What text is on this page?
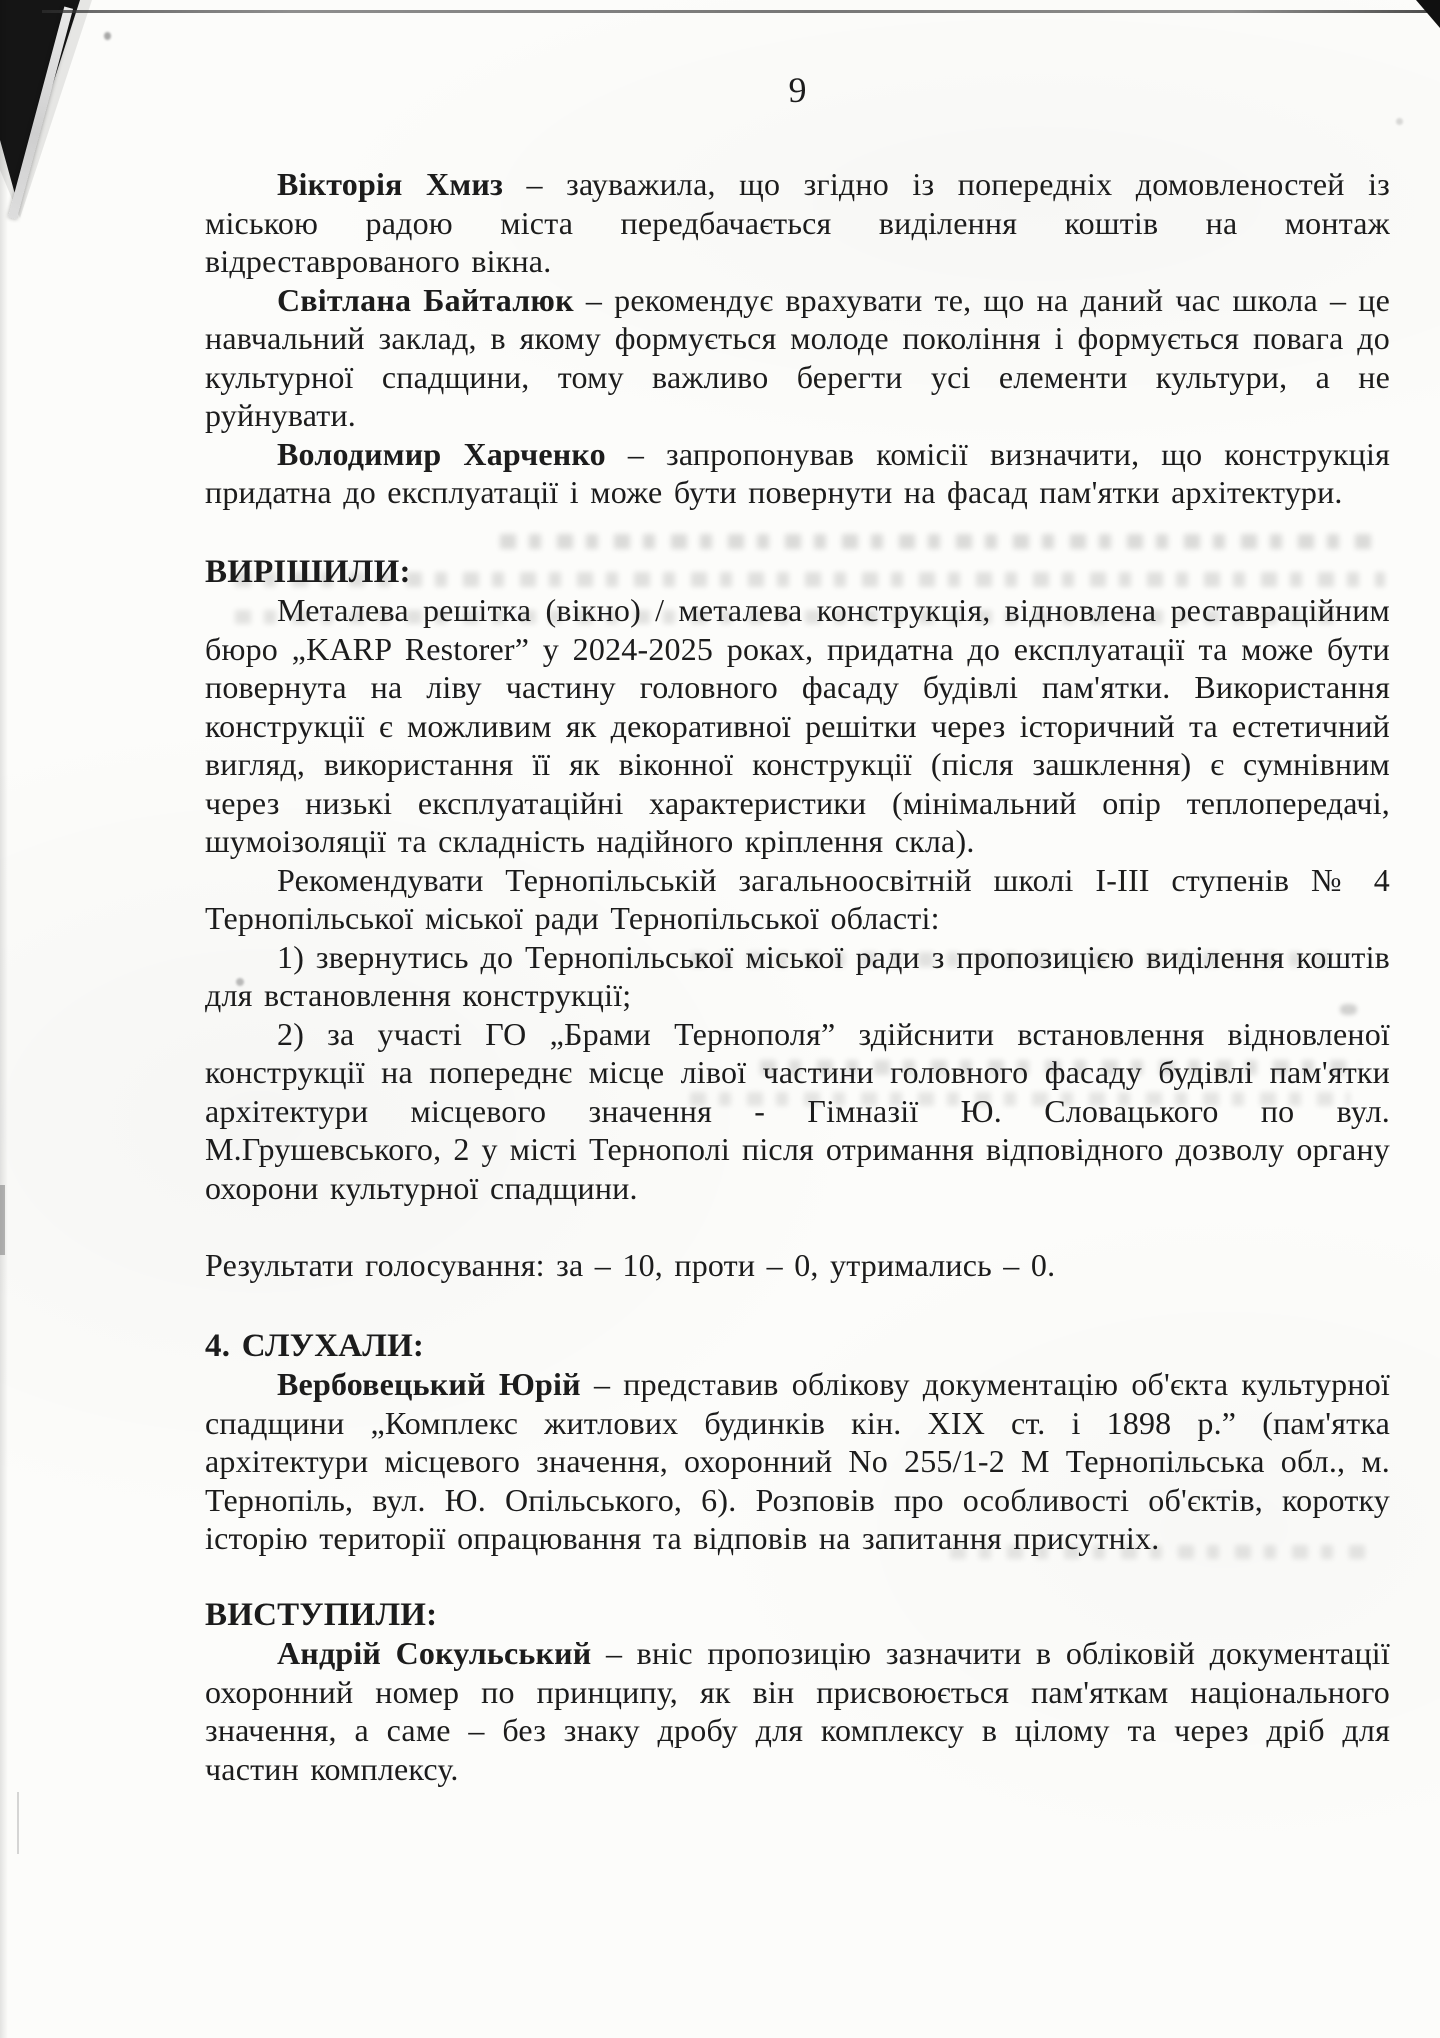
9

Вікторія Хмиз – зауважила, що згідно із попередніх домовленостей із міською радою міста передбачається виділення коштів на монтаж відреставрованого вікна.

Світлана Байталюк – рекомендує врахувати те, що на даний час школа – це навчальний заклад, в якому формується молоде покоління і формується повага до культурної спадщини, тому важливо берегти усі елементи культури, а не руйнувати.

Володимир Харченко – запропонував комісії визначити, що конструкція придатна до експлуатації і може бути повернути на фасад пам'ятки архітектури.

ВИРІШИЛИ:

Металева решітка (вікно) / металева конструкція, відновлена реставраційним бюро „KARP Restorer” у 2024-2025 роках, придатна до експлуатації та може бути повернута на ліву частину головного фасаду будівлі пам'ятки. Використання конструкції є можливим як декоративної решітки через історичний та естетичний вигляд, використання її як віконної конструкції (після зашклення) є сумнівним через низькі експлуатаційні характеристики (мінімальний опір теплопередачі, шумоізоляції та складність надійного кріплення скла).

Рекомендувати Тернопільській загальноосвітній школі I-III ступенів № 4 Тернопільської міської ради Тернопільської області:

1) звернутись до Тернопільської міської ради з пропозицією виділення коштів для встановлення конструкції;

2) за участі ГО „Брами Тернополя” здійснити встановлення відновленої конструкції на попереднє місце лівої частини головного фасаду будівлі пам'ятки архітектури місцевого значення - Гімназії Ю. Словацького по вул. М.Грушевського, 2 у місті Тернополі після отримання відповідного дозволу органу охорони культурної спадщини.

Результати голосування: за – 10, проти – 0, утримались – 0.

4. СЛУХАЛИ:

Вербовецький Юрій – представив облікову документацію об'єкта культурної спадщини „Комплекс житлових будинків кін. XIX ст. і 1898 р.” (пам'ятка архітектури місцевого значення, охоронний No 255/1-2 М Тернопільська обл., м. Тернопіль, вул. Ю. Опільського, 6). Розповів про особливості об'єктів, коротку історію території опрацювання та відповів на запитання присутніх.

ВИСТУПИЛИ:

Андрій Сокульський – вніс пропозицію зазначити в обліковій документації охоронний номер по принципу, як він присвоюється пам'яткам національного значення, а саме – без знаку дробу для комплексу в цілому та через дріб для частин комплексу.
